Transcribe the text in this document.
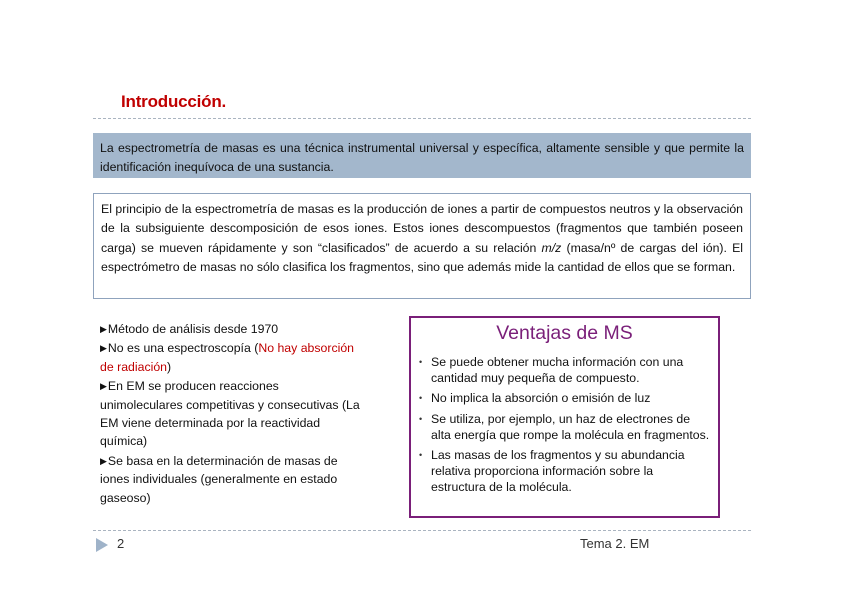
Introducción.
La espectrometría de masas es una técnica instrumental universal y específica, altamente sensible y que permite la identificación inequívoca de una sustancia.
El principio de la espectrometría de masas es la producción de iones a partir de compuestos neutros y la observación de la subsiguiente descomposición de esos iones. Estos iones descompuestos (fragmentos que también poseen carga) se mueven rápidamente y son “clasificados” de acuerdo a su relación m/z (masa/nº de cargas del ión). El espectrómetro de masas no sólo clasifica los fragmentos, sino que además mide la cantidad de ellos que se forman.

▶Método de análisis desde 1970

▶No es una espectroscopía (No hay absorción de radiación)

▶En EM se producen reacciones unimoleculares competitivas y consecutivas (La EM viene determinada por la reactividad química)

▶Se basa en la determinación de masas de iones individuales (generalmente en estado gaseoso)

Ventajas de MS
• Se puede obtener mucha información con una cantidad muy pequeña de compuesto.
• No implica la absorción o emisión de luz
• Se utiliza, por ejemplo, un haz de electrones de alta energía que rompe la molécula en fragmentos.
• Las masas de los fragmentos y su abundancia relativa proporciona información sobre la estructura de la molécula.
2	Tema 2. EM
